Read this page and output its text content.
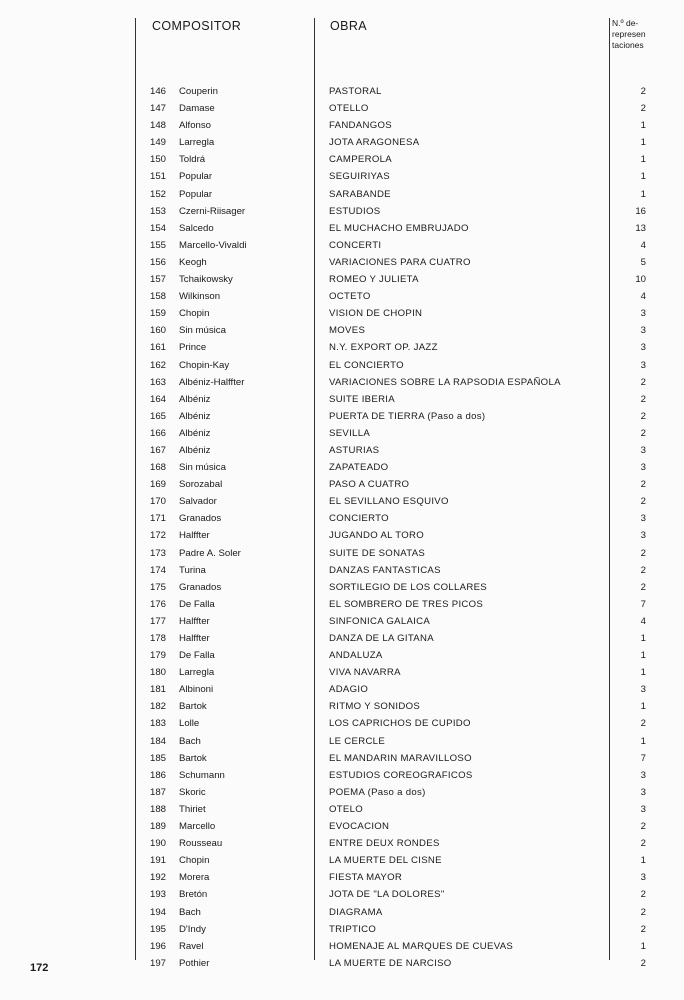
COMPOSITOR	OBRA	N.º de-
represen
taciones
146 Couperin	PASTORAL	2
147 Damase	OTELLO	2
148 Alfonso	FANDANGOS	1
149 Larregla	JOTA ARAGONESA	1
150 Toldrá	CAMPEROLA	1
151 Popular	SEGUIRIYAS	1
152 Popular	SARABANDE	1
153 Czerni-Riisager	ESTUDIOS	16
154 Salcedo	EL MUCHACHO EMBRUJADO	13
155 Marcello-Vivaldi	CONCERTI	4
156 Keogh	VARIACIONES PARA CUATRO	5
157 Tchaikowsky	ROMEO Y JULIETA	10
158 Wilkinson	OCTETO	4
159 Chopin	VISION DE CHOPIN	3
160 Sin música	MOVES	3
161 Prince	N.Y. EXPORT OP. JAZZ	3
162 Chopin-Kay	EL CONCIERTO	3
163 Albéniz-Halffter	VARIACIONES SOBRE LA RAPSODIA ESPAÑOLA	2
164 Albéniz	SUITE IBERIA	2
165 Albéniz	PUERTA DE TIERRA (Paso a dos)	2
166 Albéniz	SEVILLA	2
167 Albéniz	ASTURIAS	3
168 Sin música	ZAPATEADO	3
169 Sorozabal	PASO A CUATRO	2
170 Salvador	EL SEVILLANO ESQUIVO	2
171 Granados	CONCIERTO	3
172 Halffter	JUGANDO AL TORO	3
173 Padre A. Soler	SUITE DE SONATAS	2
174 Turina	DANZAS FANTASTICAS	2
175 Granados	SORTILEGIO DE LOS COLLARES	2
176 De Falla	EL SOMBRERO DE TRES PICOS	7
177 Halffter	SINFONICA GALAICA	4
178 Halffter	DANZA DE LA GITANA	1
179 De Falla	ANDALUZA	1
180 Larregla	VIVA NAVARRA	1
181 Albinoni	ADAGIO	3
182 Bartok	RITMO Y SONIDOS	1
183 Lolle	LOS CAPRICHOS DE CUPIDO	2
184 Bach	LE CERCLE	1
185 Bartok	EL MANDARIN MARAVILLOSO	7
186 Schumann	ESTUDIOS COREOGRAFICOS	3
187 Skoric	POEMA (Paso a dos)	3
188 Thiriet	OTELO	3
189 Marcello	EVOCACION	2
190 Rousseau	ENTRE DEUX RONDES	2
191 Chopin	LA MUERTE DEL CISNE	1
192 Morera	FIESTA MAYOR	3
193 Bretón	JOTA DE "LA DOLORES"	2
194 Bach	DIAGRAMA	2
195 D'Indy	TRIPTICO	2
196 Ravel	HOMENAJE AL MARQUES DE CUEVAS	1
197 Pothier	LA MUERTE DE NARCISO	2
172
